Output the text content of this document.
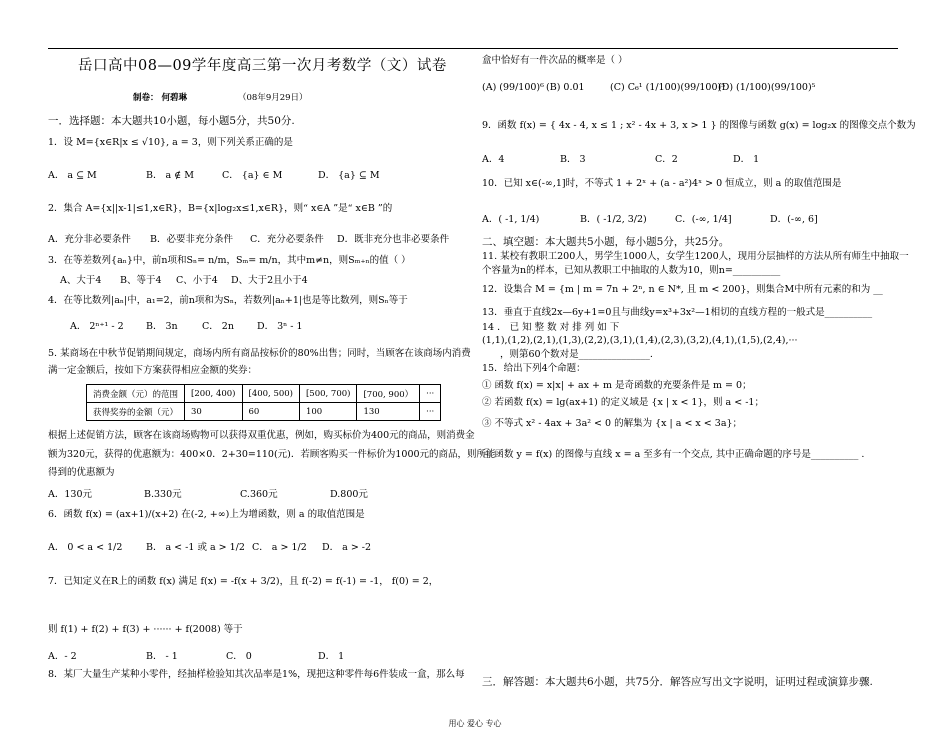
岳口高中08—09学年度高三第一次月考数学（文）试卷
制卷： 何碧琳	（08年9月29日）
一．选择题：本大题共10小题，每小题5分，共50分.
1．设 M={x∈R|x ≤ √10}, a = 3，则下列关系正确的是
A． a ⊆ M	B． a ∉ M	C． {a} ∈ M	D． {a} ⊆ M
2．集合 A={x||x-1|≤1,x∈R}，B={x|log₂x≤1,x∈R}，则“ x∈A ”是“ x∈B ”的
A．充分非必要条件 B．必要非充分条件 C．充分必要条件 D．既非充分也非必要条件
3．在等差数列{aₙ}中，前n项和Sₙ= n/m，Sₘ= m/n，其中m≠n，则Sₘ₊ₙ的值（ ）
A、大于4 B、等于4 C、小于4 D、大于2且小于4
4．在等比数列|aₙ|中，a₁=2，前n项和为Sₙ，若数列|aₙ+1|也是等比数列，则Sₙ等于
A． 2ⁿ⁺¹ - 2 B． 3n	C． 2n D． 3ⁿ - 1
5. 某商场在中秋节促销期间规定，商场内所有商品按标价的80%出售；同时，当顾客在该商场内消费
满一定金额后，按如下方案获得相应金额的奖券：
消费金额（元）的范围	[200, 400)	[400, 500)	[500, 700)	[700, 900）	···
获得奖券的金额（元）	30	60	100	130	···
根据上述促销方法，顾客在该商场购物可以获得双重优惠，例如，购买标价为400元的商品，则消费金
额为320元，获得的优惠额为：400×0．2+30=110(元)．若顾客购买一件标价为1000元的商品，则所能
得到的优惠额为
A．130元	B.330元	C.360元	D.800元
6．函数 f(x) = (ax+1)/(x+2) 在(-2, +∞)上为增函数，则 a 的取值范围是
A． 0 < a < 1/2 B． a < -1 或 a > 1/2 C． a > 1/2 D． a > -2
7．已知定义在R上的函数 f(x) 满足 f(x) = -f(x + 3/2)，且 f(-2) = f(-1) = -1， f(0) = 2，
则 f(1) + f(2) + f(3) + ······ + f(2008) 等于
A．- 2	B． - 1	C． 0	D． 1
8．某厂大量生产某种小零件，经抽样检验知其次品率是1%，现把这种零件每6件装成一盒，那么每
盒中恰好有一件次品的概率是（ ）
(A) (99/100)⁶ (B) 0.01	(C) C₆¹ (1/100)(99/100)⁵
(D) (1/100)(99/100)⁵
9．函数 f(x) = { 4x - 4, x ≤ 1 ; x² - 4x + 3, x > 1 } 的图像与函数 g(x) = log₂x 的图像交点个数为
A．4	B． 3	C．2	D． 1
10．已知 x∈(-∞,1]时，不等式 1 + 2ˣ + (a - a²)4ˣ > 0 恒成立，则 a 的取值范围是
A．( -1, 1/4)	B．( -1/2, 3/2)	C．(-∞, 1/4]	D．(-∞, 6]
二、填空题：本大题共5小题，每小题5分，共25分。
11. 某校有教职工200人，男学生1000人，女学生1200人，现用分层抽样的方法从所有师生中抽取一
个容量为n的样本，已知从教职工中抽取的人数为10，则n=__________
12．设集合 M = {m | m = 7n + 2ⁿ, n ∈ N*, 且 m < 200}，则集合M中所有元素的和为 __
13．垂直于直线2x—6y+1=0且与曲线y=x³+3x²—1相切的直线方程的一般式是__________
14 ． 已 知 整 数 对 排 列 如 下
(1,1),(1,2),(2,1),(1,3),(2,2),(3,1),(1,4),(2,3),(3,2),(4,1),(1,5),(2,4),···
，则第60个数对是_______________.
15．给出下列4个命题：
① 函数 f(x) = x|x| + ax + m 是奇函数的充要条件是 m = 0；
② 若函数 f(x) = lg(ax+1) 的定义域是 {x | x < 1}，则 a < -1；
③ 不等式 x² - 4ax + 3a² < 0 的解集为 {x | a < x < 3a}；
④ 函数 y = f(x) 的图像与直线 x = a 至多有一个交点, 其中正确命题的序号是__________ .
三．解答题：本大题共6小题，共75分．解答应写出文字说明，证明过程或演算步骤.
用心 爱心 专心
